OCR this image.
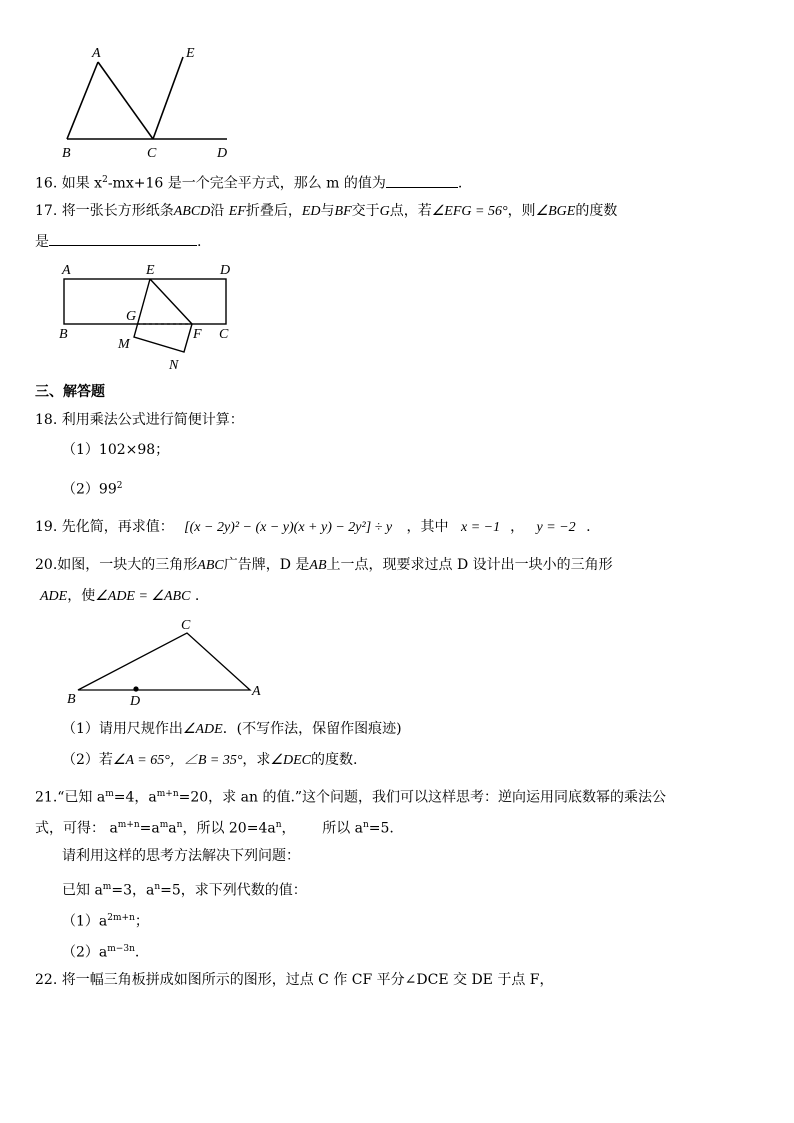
A	E
B	C	D
16. 如果 $x^2-mx+16$ 是一个完全平方式，那么 m 的值为	.
17. 将一张长方形纸条ABCD沿 EF折叠后，ED与BF交于G点，若∠EFG = 56°，则∠BGE的度数
是	.
A	E	D
B
G
F C
M
N
三、解答题
18. 利用乘法公式进行简便计算：
（1）102×98；
$(2)99^2$
19. 先化简，再求值： [(x − 2y)² − (x − y)(x + y) − 2y²] ÷ y ，其中 x = −1 ， y = −2 .
20.如图，一块大的三角形ABC广告牌，D 是AB上一点，现要求过点 D 设计出一块小的三角形
ADE，使∠ADE = ∠ABC .
C
B	D
A
（1）请用尺规作出∠ADE．(不写作法，保留作图痕迹)
（2）若∠A = 65°，∠B = 35°，求∠DEC的度数.
21.“已知 $a^m=4$，$a^{m+n}=20$，求 an 的值.”这个问题，我们可以这样思考：逆向运用同底数幂的乘法公
式，可得： $a^{m+n}=a^ma^n$，所以 $20=4a^n$，      所以 $a^n=5$.
请利用这样的思考方法解决下列问题：
已知 $a^m=3$，$a^n=5$，求下列代数的值：
$(1)a^{2m+n}$；
$(2)a^{m-3n}$.
22. 将一幅三角板拼成如图所示的图形，过点 C 作 CF 平分∠DCE 交 DE 于点 F，
